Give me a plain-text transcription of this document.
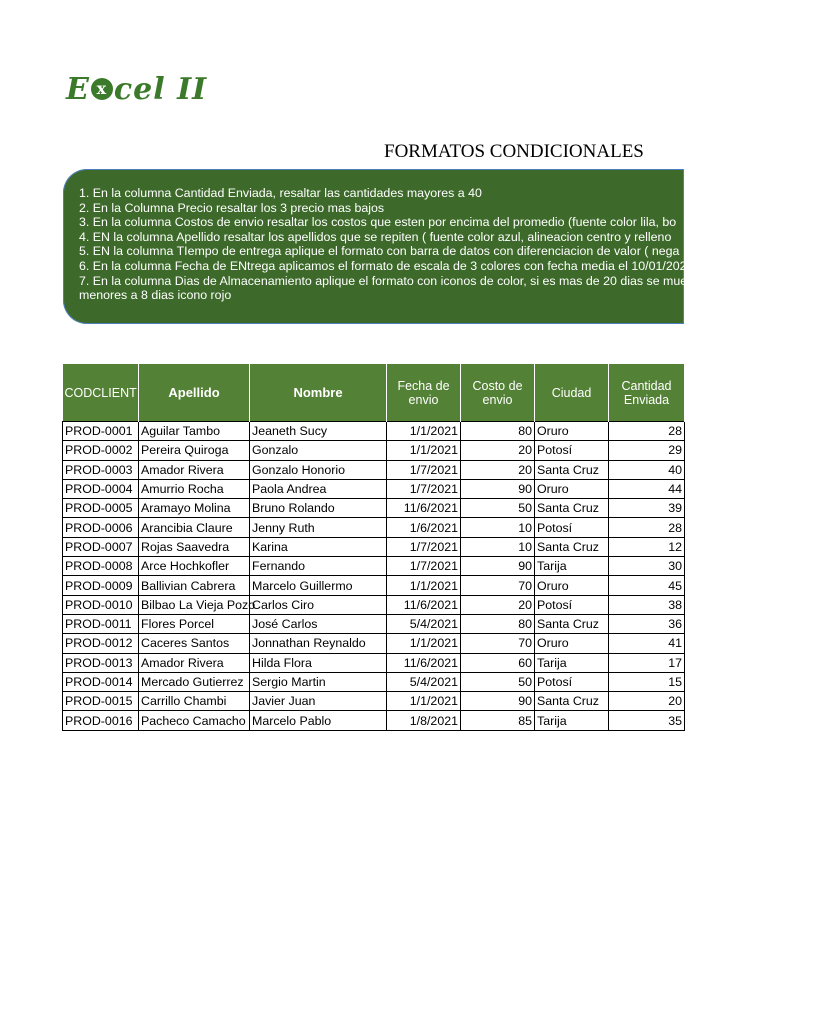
E x cel II
FORMATOS CONDICIONALES
1. En la columna Cantidad Enviada, resaltar las cantidades mayores a 40
2. En la Columna Precio resaltar los 3 precio mas bajos
3. En la columna Costos de envio resaltar los costos que esten por encima del promedio (fuente color lila, bo
4. EN la columna Apellido resaltar los apellidos que se repiten ( fuente color azul, alineacion centro y relleno
5. EN la columna TIempo de entrega aplique el formato con barra de datos con diferenciacion de valor ( nega
6. En la columna Fecha de ENtrega aplicamos el formato de escala de 3 colores con fecha media el 10/01/202
7. En la columna Dias de Almacenamiento aplique el formato con iconos de color, si es mas de 20 dias se mue un icono amarillo y los menores a 8 dias icono rojo
CODCLIENT	Apellido	Nombre	Fecha de envio	Costo de envio	Ciudad	Cantidad Enviada
PROD-0001	Aguilar Tambo	Jeaneth Sucy	1/1/2021	80	Oruro	28
PROD-0002	Pereira Quiroga	Gonzalo	1/1/2021	20	Potosí	29
PROD-0003	Amador Rivera	Gonzalo Honorio	1/7/2021	20	Santa Cruz	40
PROD-0004	Amurrio Rocha	Paola Andrea	1/7/2021	90	Oruro	44
PROD-0005	Aramayo Molina	Bruno Rolando	11/6/2021	50	Santa Cruz	39
PROD-0006	Arancibia Claure	Jenny Ruth	1/6/2021	10	Potosí	28
PROD-0007	Rojas Saavedra	Karina	1/7/2021	10	Santa Cruz	12
PROD-0008	Arce Hochkofler	Fernando	1/7/2021	90	Tarija	30
PROD-0009	Ballivian Cabrera	Marcelo Guillermo	1/1/2021	70	Oruro	45
PROD-0010	Bilbao La Vieja Pozo	Carlos Ciro	11/6/2021	20	Potosí	38
PROD-0011	Flores Porcel	José Carlos	5/4/2021	80	Santa Cruz	36
PROD-0012	Caceres Santos	Jonnathan Reynaldo	1/1/2021	70	Oruro	41
PROD-0013	Amador Rivera	Hilda Flora	11/6/2021	60	Tarija	17
PROD-0014	Mercado Gutierrez	Sergio Martin	5/4/2021	50	Potosí	15
PROD-0015	Carrillo Chambi	Javier Juan	1/1/2021	90	Santa Cruz	20
PROD-0016	Pacheco Camacho	Marcelo Pablo	1/8/2021	85	Tarija	35
